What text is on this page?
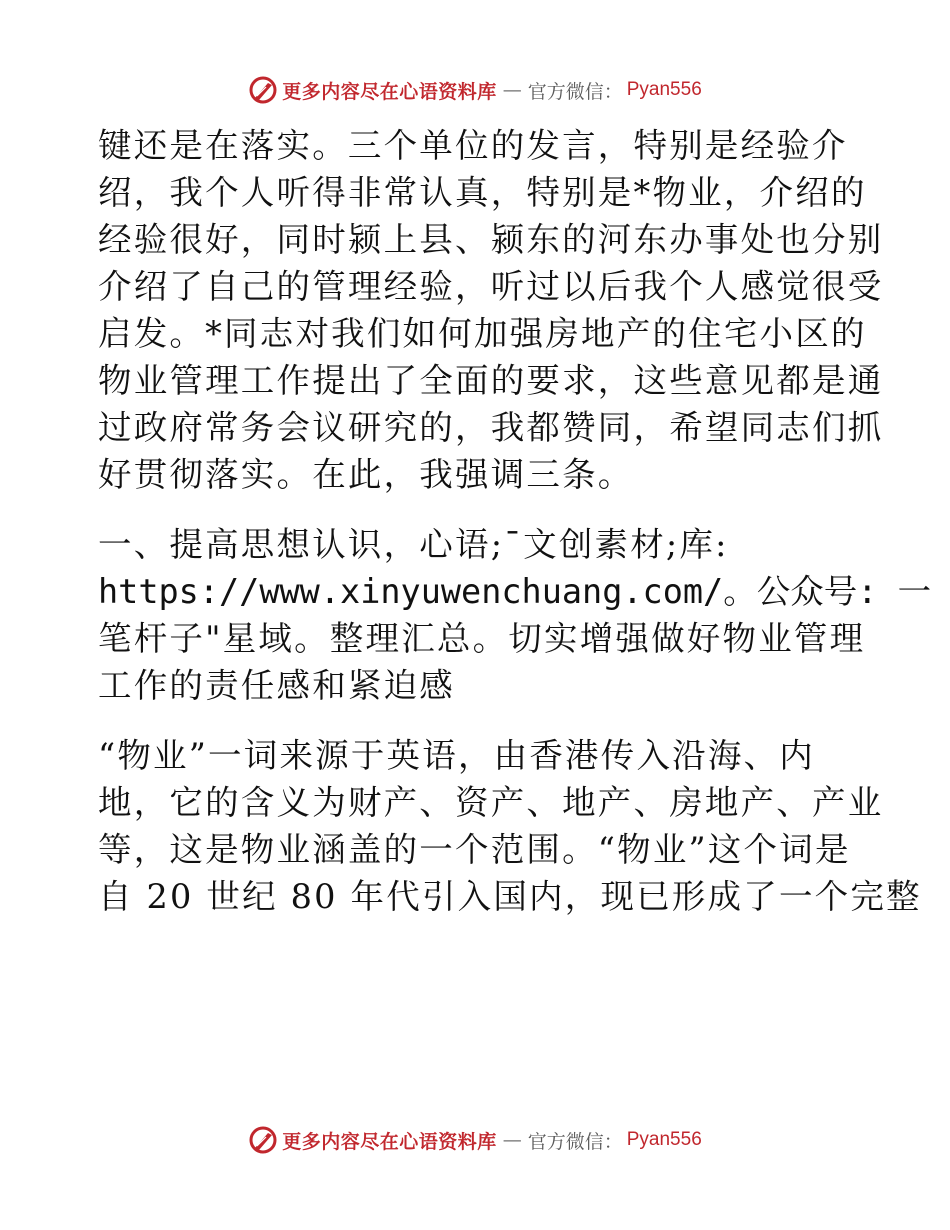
更多内容尽在心语资料库 — 官方微信： Pyan556
键还是在落实。三个单位的发言，特别是经验介
绍，我个人听得非常认真，特别是*物业，介绍的
经验很好，同时颍上县、颍东的河东办事处也分别
介绍了自己的管理经验，听过以后我个人感觉很受
启发。*同志对我们如何加强房地产的住宅小区的
物业管理工作提出了全面的要求，这些意见都是通
过政府常务会议研究的，我都赞同，希望同志们抓
好贯彻落实。在此，我强调三条。
一、提高思想认识，心语;¯文创素材;库:
https://www.xinyuwenchuang.com/。公众号: 一
笔杆子"星域。整理汇总。切实增强做好物业管理
工作的责任感和紧迫感
“物业”一词来源于英语，由香港传入沿海、内
地，它的含义为财产、资产、地产、房地产、产业
等，这是物业涵盖的一个范围。“物业”这个词是
自 20 世纪 80 年代引入国内，现已形成了一个完整
更多内容尽在心语资料库 — 官方微信： Pyan556
